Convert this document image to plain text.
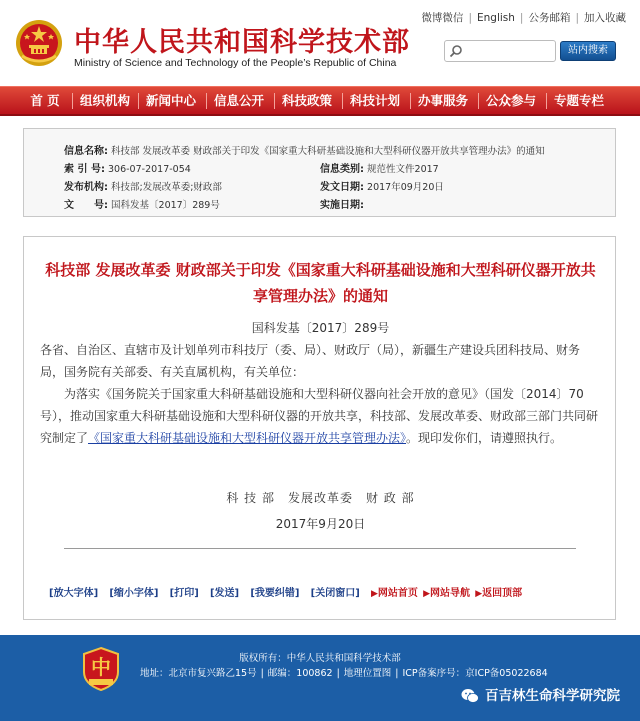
中华人民共和国科学技术部
Ministry of Science and Technology of the People’s Republic of China
微博微信 | English | 公务邮箱 | 加入收藏
站内搜索
首 页	组织机构	新闻中心	信息公开	科技政策	科技计划	办事服务	公众参与	专题专栏
信息名称: 科技部 发展改革委 财政部关于印发《国家重大科研基础设施和大型科研仪器开放共享管理办法》的通知
索 引 号: 306-07-2017-054	信息类别: 规范性文件2017
发布机构: 科技部;发展改革委;财政部	发文日期: 2017年09月20日
文　　号: 国科发基〔2017〕289号	实施日期:
科技部 发展改革委 财政部关于印发《国家重大科研基础设施和大型科研仪器开放共享管理办法》的通知
国科发基〔2017〕289号

各省、自治区、直辖市及计划单列市科技厅（委、局）、财政厅（局），新疆生产建设兵团科技局、财务局，国务院有关部委、有关直属机构，有关单位：

为落实《国务院关于国家重大科研基础设施和大型科研仪器向社会开放的意见》（国发〔2014〕70号），推动国家重大科研基础设施和大型科研仪器的开放共享，科技部、发展改革委、财政部三部门共同研究制定了《国家重大科研基础设施和大型科研仪器开放共享管理办法》。现印发你们，请遵照执行。

科 技 部　发展改革委　财 政 部
2017年9月20日
[放大字体] [缩小字体] [打印] [发送] [我要纠错] [关闭窗口] ▶网站首页 ▶网站导航 ▶返回顶部
中	版权所有：中华人民共和国科学技术部
地址：北京市复兴路乙15号 | 邮编：100862 | 地理位置图 | ICP备案序号：京ICP备05022684
百吉林生命科学研究院
